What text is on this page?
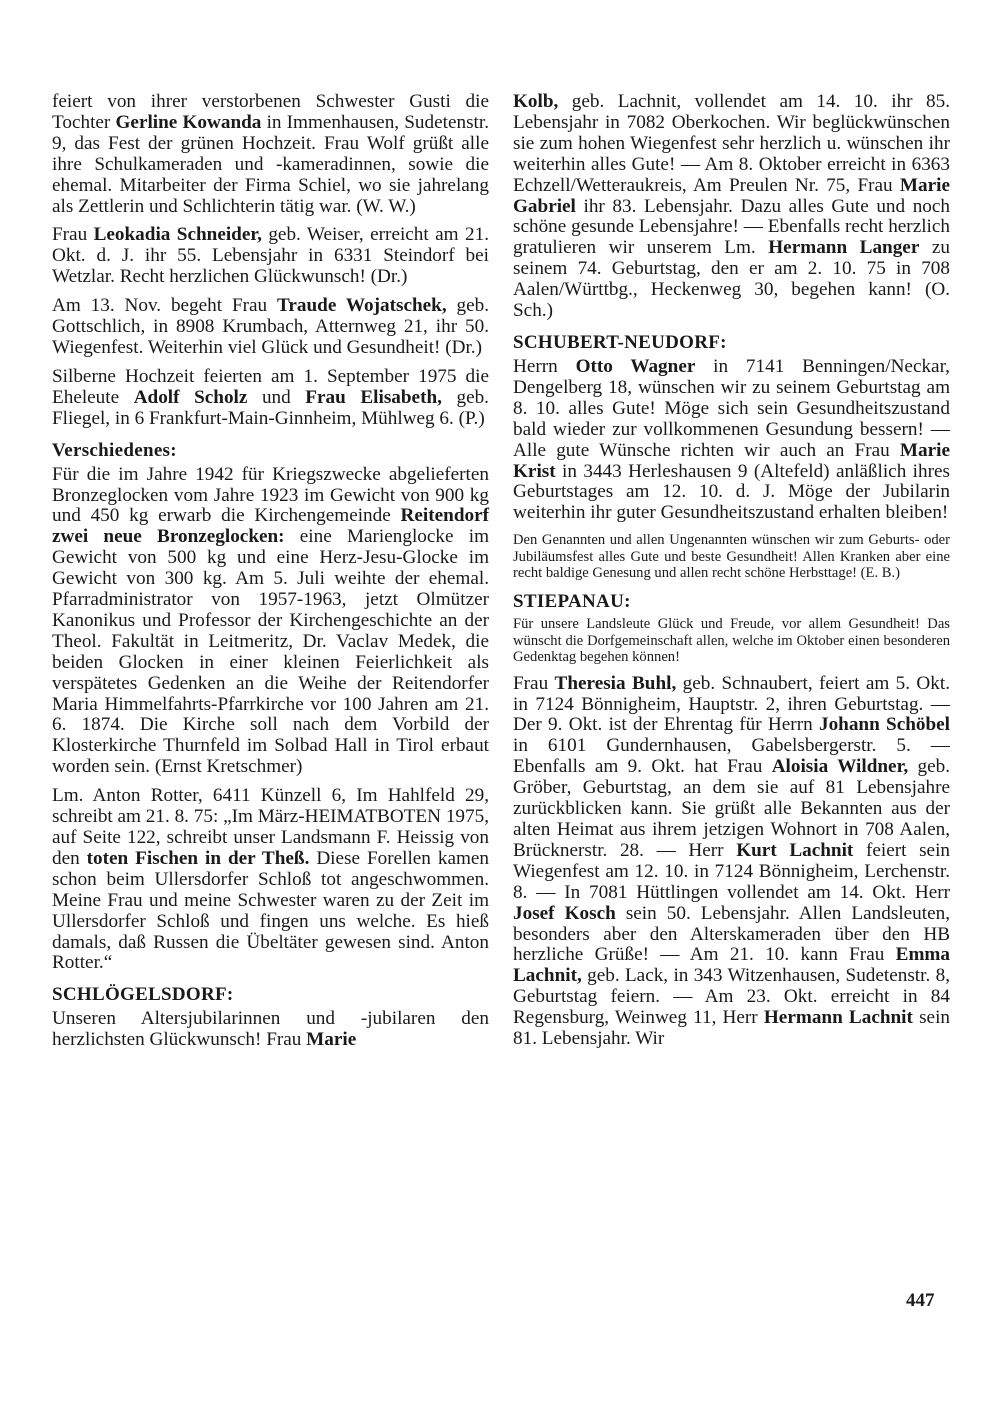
feiert von ihrer verstorbenen Schwester Gusti die Tochter Gerline Kowanda in Immenhausen, Sudetenstr. 9, das Fest der grünen Hochzeit. Frau Wolf grüßt alle ihre Schulkameraden und -kameradinnen, sowie die ehemal. Mitarbeiter der Firma Schiel, wo sie jahrelang als Zettlerin und Schlichterin tätig war. (W. W.)

Frau Leokadia Schneider, geb. Weiser, erreicht am 21. Okt. d. J. ihr 55. Lebensjahr in 6331 Steindorf bei Wetzlar. Recht herzlichen Glückwunsch! (Dr.)

Am 13. Nov. begeht Frau Traude Wojatschek, geb. Gottschlich, in 8908 Krumbach, Atternweg 21, ihr 50. Wiegenfest. Weiterhin viel Glück und Gesundheit! (Dr.)

Silberne Hochzeit feierten am 1. September 1975 die Eheleute Adolf Scholz und Frau Elisabeth, geb. Fliegel, in 6 Frankfurt-Main-Ginnheim, Mühlweg 6. (P.)

Verschiedenes:

Für die im Jahre 1942 für Kriegszwecke abgelieferten Bronzeglocken vom Jahre 1923 im Gewicht von 900 kg und 450 kg erwarb die Kirchengemeinde Reitendorf zwei neue Bronzeglocken: eine Marienglocke im Gewicht von 500 kg und eine Herz-Jesu-Glocke im Gewicht von 300 kg. Am 5. Juli weihte der ehemal. Pfarradministrator von 1957-1963, jetzt Olmützer Kanonikus und Professor der Kirchengeschichte an der Theol. Fakultät in Leitmeritz, Dr. Vaclav Medek, die beiden Glocken in einer kleinen Feierlichkeit als verspätetes Gedenken an die Weihe der Reitendorfer Maria Himmelfahrts-Pfarrkirche vor 100 Jahren am 21. 6. 1874. Die Kirche soll nach dem Vorbild der Klosterkirche Thurnfeld im Solbad Hall in Tirol erbaut worden sein. (Ernst Kretschmer)

Lm. Anton Rotter, 6411 Künzell 6, Im Hahlfeld 29, schreibt am 21. 8. 75: „Im März-HEIMATBOTEN 1975, auf Seite 122, schreibt unser Landsmann F. Heissig von den toten Fischen in der Theß. Diese Forellen kamen schon beim Ullersdorfer Schloß tot angeschwommen. Meine Frau und meine Schwester waren zu der Zeit im Ullersdorfer Schloß und fingen uns welche. Es hieß damals, daß Russen die Übeltäter gewesen sind. Anton Rotter.“

SCHLÖGELSDORF:

Unseren Altersjubilarinnen und -jubilaren den herzlichsten Glückwunsch! Frau Marie

Kolb, geb. Lachnit, vollendet am 14. 10. ihr 85. Lebensjahr in 7082 Oberkochen. Wir beglückwünschen sie zum hohen Wiegenfest sehr herzlich u. wünschen ihr weiterhin alles Gute! — Am 8. Oktober erreicht in 6363 Echzell/Wetteraukreis, Am Preulen Nr. 75, Frau Marie Gabriel ihr 83. Lebensjahr. Dazu alles Gute und noch schöne gesunde Lebensjahre! — Ebenfalls recht herzlich gratulieren wir unserem Lm. Hermann Langer zu seinem 74. Geburtstag, den er am 2. 10. 75 in 708 Aalen/Württbg., Heckenweg 30, begehen kann! (O. Sch.)

SCHUBERT-NEUDORF:

Herrn Otto Wagner in 7141 Benningen/Neckar, Dengelberg 18, wünschen wir zu seinem Geburtstag am 8. 10. alles Gute! Möge sich sein Gesundheitszustand bald wieder zur vollkommenen Gesundung bessern! — Alle gute Wünsche richten wir auch an Frau Marie Krist in 3443 Herleshausen 9 (Altefeld) anläßlich ihres Geburtstages am 12. 10. d. J. Möge der Jubilarin weiterhin ihr guter Gesundheitszustand erhalten bleiben!

Den Genannten und allen Ungenannten wünschen wir zum Geburts- oder Jubiläumsfest alles Gute und beste Gesundheit! Allen Kranken aber eine recht baldige Genesung und allen recht schöne Herbsttage! (E. B.)

STIEPANAU:

Für unsere Landsleute Glück und Freude, vor allem Gesundheit! Das wünscht die Dorfgemeinschaft allen, welche im Oktober einen besonderen Gedenktag begehen können!

Frau Theresia Buhl, geb. Schnaubert, feiert am 5. Okt. in 7124 Bönnigheim, Hauptstr. 2, ihren Geburtstag. — Der 9. Okt. ist der Ehrentag für Herrn Johann Schöbel in 6101 Gundernhausen, Gabelsbergerstr. 5. — Ebenfalls am 9. Okt. hat Frau Aloisia Wildner, geb. Gröber, Geburtstag, an dem sie auf 81 Lebensjahre zurückblicken kann. Sie grüßt alle Bekannten aus der alten Heimat aus ihrem jetzigen Wohnort in 708 Aalen, Brücknerstr. 28. — Herr Kurt Lachnit feiert sein Wiegenfest am 12. 10. in 7124 Bönnigheim, Lerchenstr. 8. — In 7081 Hüttlingen vollendet am 14. Okt. Herr Josef Kosch sein 50. Lebensjahr. Allen Landsleuten, besonders aber den Alterskameraden über den HB herzliche Grüße! — Am 21. 10. kann Frau Emma Lachnit, geb. Lack, in 343 Witzenhausen, Sudetenstr. 8, Geburtstag feiern. — Am 23. Okt. erreicht in 84 Regensburg, Weinweg 11, Herr Hermann Lachnit sein 81. Lebensjahr. Wir

447
